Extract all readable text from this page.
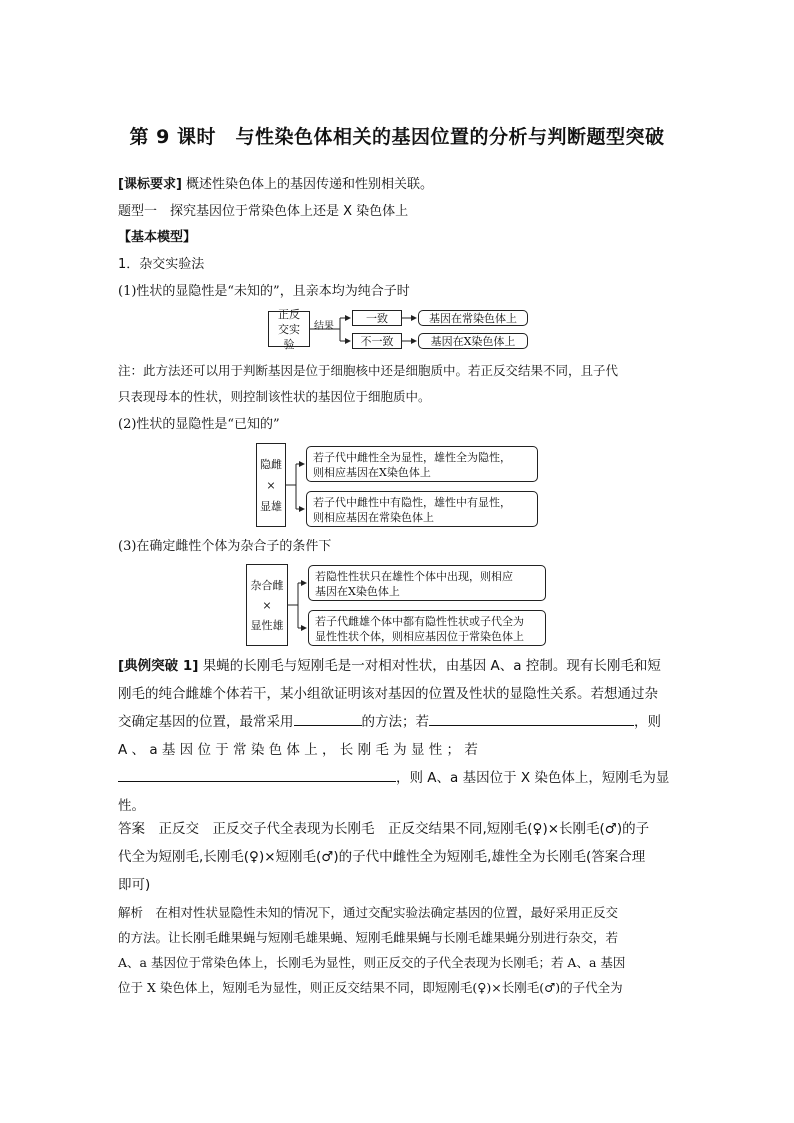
第 9 课时　与性染色体相关的基因位置的分析与判断题型突破
[课标要求] 概述性染色体上的基因传递和性别相关联。
题型一　探究基因位于常染色体上还是 X 染色体上
【基本模型】
1．杂交实验法
(1)性状的显隐性是“未知的”，且亲本均为纯合子时
正反交实验
结果
一致
不一致
基因在常染色体上
基因在X染色体上
注：此方法还可以用于判断基因是位于细胞核中还是细胞质中。若正反交结果不同，且子代
只表现母本的性状，则控制该性状的基因位于细胞质中。
(2)性状的显隐性是“已知的”
隐雌
×
显雄
若子代中雌性全为显性，雄性全为隐性，
则相应基因在X染色体上
若子代中雌性中有隐性，雄性中有显性，
则相应基因在常染色体上
(3)在确定雌性个体为杂合子的条件下
杂合雌
×
显性雄
若隐性性状只在雄性个体中出现，则相应
基因在X染色体上
若子代雌雄个体中都有隐性性状或子代全为
显性性状个体，则相应基因位于常染色体上
[典例突破 1] 果蝇的长刚毛与短刚毛是一对相对性状，由基因 A、a 控制。现有长刚毛和短
刚毛的纯合雌雄个体若干，某小组欲证明该对基因的位置及性状的显隐性关系。若想通过杂
交确定基因的位置，最常采用	的方法；若	，则
A 、 a 基 因 位 于 常 染 色 体 上 ， 长 刚 毛 为 显 性 ； 若
，则 A、a 基因位于 X 染色体上，短刚毛为显
性。
答案　 正反交　正反交子代全表现为长刚毛　正反交结果不同,短刚毛(♀)×长刚毛(♂)的子
代全为短刚毛,长刚毛(♀)×短刚毛(♂)的子代中雌性全为短刚毛,雄性全为长刚毛(答案合理
即可)
解析　 在相对性状显隐性未知的情况下，通过交配实验法确定基因的位置，最好采用正反交
的方法。让长刚毛雌果蝇与短刚毛雄果蝇、短刚毛雌果蝇与长刚毛雄果蝇分别进行杂交，若
A、a 基因位于常染色体上，长刚毛为显性，则正反交的子代全表现为长刚毛；若 A、a 基因
位于 X 染色体上，短刚毛为显性，则正反交结果不同，即短刚毛(♀)×长刚毛(♂)的子代全为
